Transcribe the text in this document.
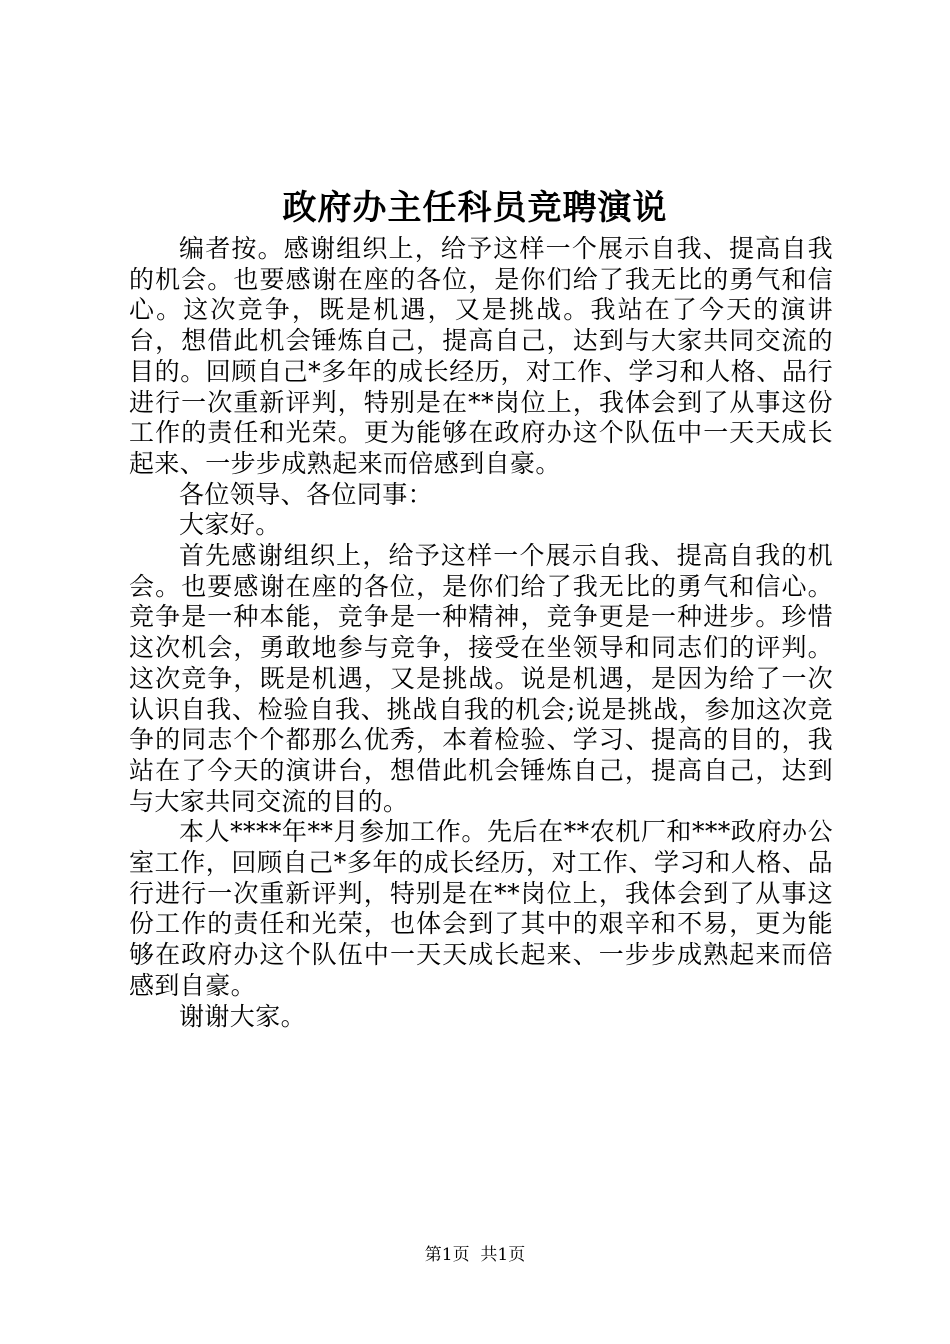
政府办主任科员竞聘演说

编者按。感谢组织上，给予这样一个展示自我、提高自我的机会。也要感谢在座的各位，是你们给了我无比的勇气和信心。这次竞争，既是机遇，又是挑战。我站在了今天的演讲台，想借此机会锤炼自己，提高自己，达到与大家共同交流的目的。回顾自己*多年的成长经历，对工作、学习和人格、品行进行一次重新评判，特别是在**岗位上，我体会到了从事这份工作的责任和光荣。更为能够在政府办这个队伍中一天天成长起来、一步步成熟起来而倍感到自豪。

各位领导、各位同事：

大家好。

首先感谢组织上，给予这样一个展示自我、提高自我的机会。也要感谢在座的各位，是你们给了我无比的勇气和信心。竞争是一种本能，竞争是一种精神，竞争更是一种进步。珍惜这次机会，勇敢地参与竞争，接受在坐领导和同志们的评判。这次竞争，既是机遇，又是挑战。说是机遇，是因为给了一次认识自我、检验自我、挑战自我的机会;说是挑战，参加这次竞争的同志个个都那么优秀，本着检验、学习、提高的目的，我站在了今天的演讲台，想借此机会锤炼自己，提高自己，达到与大家共同交流的目的。

本人****年**月参加工作。先后在**农机厂和***政府办公室工作，回顾自己*多年的成长经历，对工作、学习和人格、品行进行一次重新评判，特别是在**岗位上，我体会到了从事这份工作的责任和光荣，也体会到了其中的艰辛和不易，更为能够在政府办这个队伍中一天天成长起来、一步步成熟起来而倍感到自豪。

谢谢大家。

第1页  共1页
